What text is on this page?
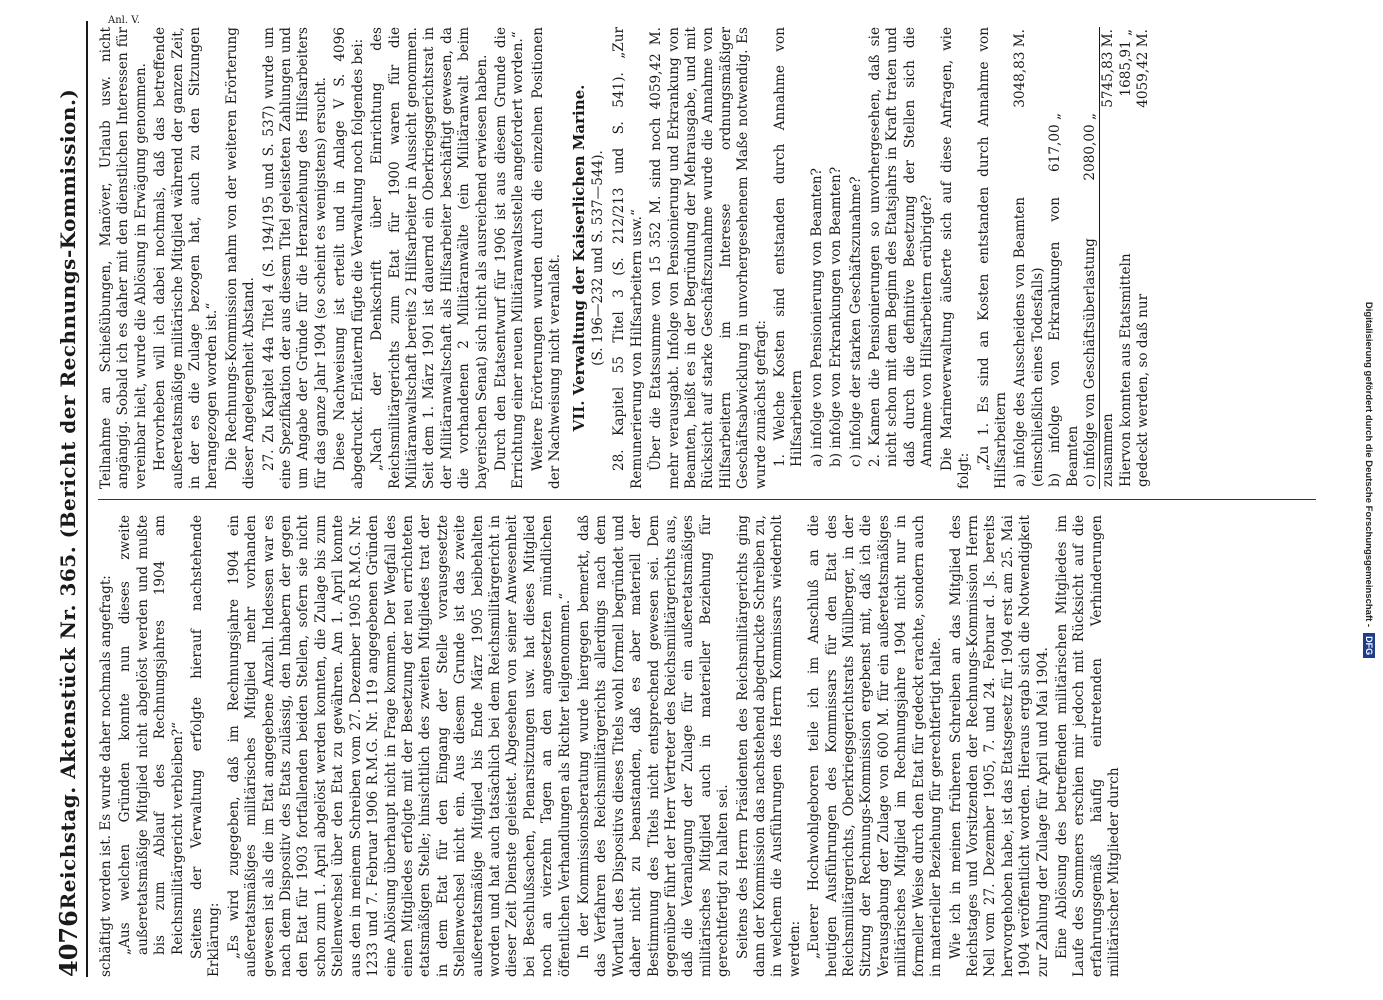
4076
Reichstag. Aktenstück Nr. 365. (Bericht der Rechnungs-Kommission.) schäftigt worden ist. Es wurde daher nochmals angefragt: „Aus welchen Gründen konnte nun dieses zweite außeretatsmäßige Mitglied nicht abgelöst werden und mußte bis zum Ablauf des Rechnungsjahres 1904 am Reichsmilitärgericht verbleiben?“ Seitens der Verwaltung erfolgte hierauf nachstehende Erklärung: „Es wird zugegeben, daß im Rechnungsjahre 1904 ein außeretatsmäßiges militärisches Mitglied mehr vorhanden gewesen ist als die im Etat angegebene Anzahl. Indessen war es nach dem Dispositiv des Etats zulässig, den Inhabern der gegen den Etat für 1903 fortfallenden beiden Stellen, sofern sie nicht schon zum 1. April abgelöst werden konnten, die Zulage bis zum Stellenwechsel über den Etat zu gewähren. Am 1. April konnte aus den in meinem Schreiben vom 27. Dezember 1905 R.M.G. Nr. 1233 und 7. Februar 1906 R.M.G. Nr. 119 angegebenen Gründen eine Ablösung überhaupt nicht in Frage kommen. Der Wegfall des einen Mitgliedes erfolgte mit der Besetzung der neu errichteten etatsmäßigen Stelle; hinsichtlich des zweiten Mitgliedes trat der in dem Etat für den Eingang der Stelle vorausgesetzte Stellenwechsel nicht ein. Aus diesem Grunde ist das zweite außeretatsmäßige Mitglied bis Ende März 1905 beibehalten worden und hat auch tatsächlich bei dem Reichsmilitärgericht in dieser Zeit Dienste geleistet. Abgesehen von seiner Anwesenheit bei Beschlußsachen, Plenarsitzungen usw. hat dieses Mitglied noch an vierzehn Tagen an den angesetzten mündlichen öffentlichen Verhandlungen als Richter teilgenommen.“ In der Kommissionsberatung wurde hiergegen bemerkt, daß das Verfahren des Reichsmilitärgerichts allerdings nach dem Wortlaut des Dispositivs dieses Titels wohl formell begründet und daher nicht zu beanstanden, daß es aber materiell der Bestimmung des Titels nicht entsprechend gewesen sei. Dem gegenüber führt der Herr Vertreter des Reichsmilitärgerichts aus, daß die Veranlagung der Zulage für ein außeretatsmäßiges militärisches Mitglied auch in materieller Beziehung für gerechtfertigt zu halten sei. Seitens des Herrn Präsidenten des Reichsmilitärgerichts ging dann der Kommission das nachstehend abgedruckte Schreiben zu, in welchem die Ausführungen des Herrn Kommissars wiederholt werden: „Euerer Hochwohlgeboren teile ich im Anschluß an die heutigen Ausführungen des Kommissars für den Etat des Reichsmilitärgerichts, Oberkriegsgerichtsrats Müllberger, in der Sitzung der Rechnungs-Kommission ergebenst mit, daß ich die Verausgabung der Zulage von 600 M. für ein außeretatsmäßiges militärisches Mitglied im Rechnungsjahre 1904 nicht nur in formeller Weise durch den Etat für gedeckt erachte, sondern auch in materieller Beziehung für gerechtfertigt halte. Wie ich in meinen früheren Schreiben an das Mitglied des Reichstages und Vorsitzenden der Rechnungs-Kommission Herrn Nell vom 27. Dezember 1905, 7. und 24. Februar d. Js. bereits hervorgehoben habe, ist das Etatsgesetz für 1904 erst am 25. Mai 1904 veröffentlicht worden. Hieraus ergab sich die Notwendigkeit zur Zahlung der Zulage für April und Mai 1904. Eine Ablösung des betreffenden militärischen Mitgliedes im Laufe des Sommers erschien mir jedoch mit Rücksicht auf die erfahrungsgemäß häufig eintretenden Verhinderungen militärischer Mitglieder durch

Teilnahme an Schießübungen, Manöver, Urlaub usw. nicht angängig. Sobald ich es daher mit den dienstlichen Interessen für vereinbar hielt, wurde die Ablösung in Erwägung genommen. Hervorheben will ich dabei nochmals, daß das betreffende außeretatsmäßige militärische Mitglied während der ganzen Zeit, in der es die Zulage bezogen hat, auch zu den Sitzungen herangezogen worden ist.“ Die Rechnungs-Kommission nahm von der weiteren Erörterung dieser Angelegenheit Abstand. 27. Zu Kapitel 44a Titel 4 (S. 194/195 und S. 537) wurde um eine Spezifikation der aus diesem Titel geleisteten Zahlungen und um Angabe der Gründe für die Heranziehung des Hilfsarbeiters für das ganze Jahr 1904 (so scheint es wenigstens) ersucht. Diese Nachweisung ist erteilt und in Anlage V S. 4096 abgedruckt. Erläuternd fügte die Verwaltung noch folgendes bei: „Nach der Denkschrift über Einrichtung des Reichsmilitärgerichts zum Etat für 1900 waren für die Militäranwaltschaft bereits 2 Hilfsarbeiter in Aussicht genommen. Seit dem 1. März 1901 ist dauernd ein Oberkriegsgerichtsrat in der Militäranwaltschaft als Hilfsarbeiter beschäftigt gewesen, da die vorhandenen 2 Militäranwälte (ein Militäranwalt beim bayerischen Senat) sich nicht als ausreichend erwiesen haben. Durch den Etatsentwurf für 1906 ist aus diesem Grunde die Errichtung einer neuen Militäranwaltsstelle angefordert worden.“ Weitere Erörterungen wurden durch die einzelnen Positionen der Nachweisung nicht veranlaßt. VII. Verwaltung der Kaiserlichen Marine. (S. 196—232 und S. 537—544). 28. Kapitel 55 Titel 3 (S. 212/213 und S. 541). „Zur Remunerierung von Hilfsarbeitern usw.“ Über die Etatssumme von 15 352 M. sind noch 4059,42 M. mehr verausgabt. Infolge von Pensionierung und Erkrankung von Beamten, heißt es in der Begründung der Mehrausgabe, und mit Rücksicht auf starke Geschäftszunahme wurde die Annahme von Hilfsarbeitern im Interesse ordnungsmäßiger Geschäftsabwicklung in unvorhergesehenem Maße notwendig. Es wurde zunächst gefragt: 1. Welche Kosten sind entstanden durch Annahme von Hilfsarbeitern a) infolge von Pensionierung von Beamten? b) infolge von Erkrankungen von Beamten? c) infolge der starken Geschäftszunahme? 2. Kamen die Pensionierungen so unvorhergesehen, daß sie nicht schon mit dem Beginn des Etatsjahrs in Kraft traten und daß durch die definitive Besetzung der Stellen sich die Annahme von Hilfsarbeitern erübrigte? Die Marineverwaltung äußerte sich auf diese Anfragen, wie folgt: „Zu 1. Es sind an Kosten entstanden durch Annahme von Hilfsarbeitern a) infolge des Ausscheidens von Beamten (einschließlich eines Todesfalls)		3048,83 M.
b) infolge von Erkrankungen von Beamten	617,00 „	
c) infolge von Geschäftsüberlastung	2080,00 „	
zusammen		5745,83 M.
Hiervon konnten aus Etatsmitteln		1685,91 „
gedeckt werden, so daß nur		4059,42 M.
Anl. V.
Digitalisierung gefördert durch die Deutsche Forschungsgemeinschaft -
DFG
